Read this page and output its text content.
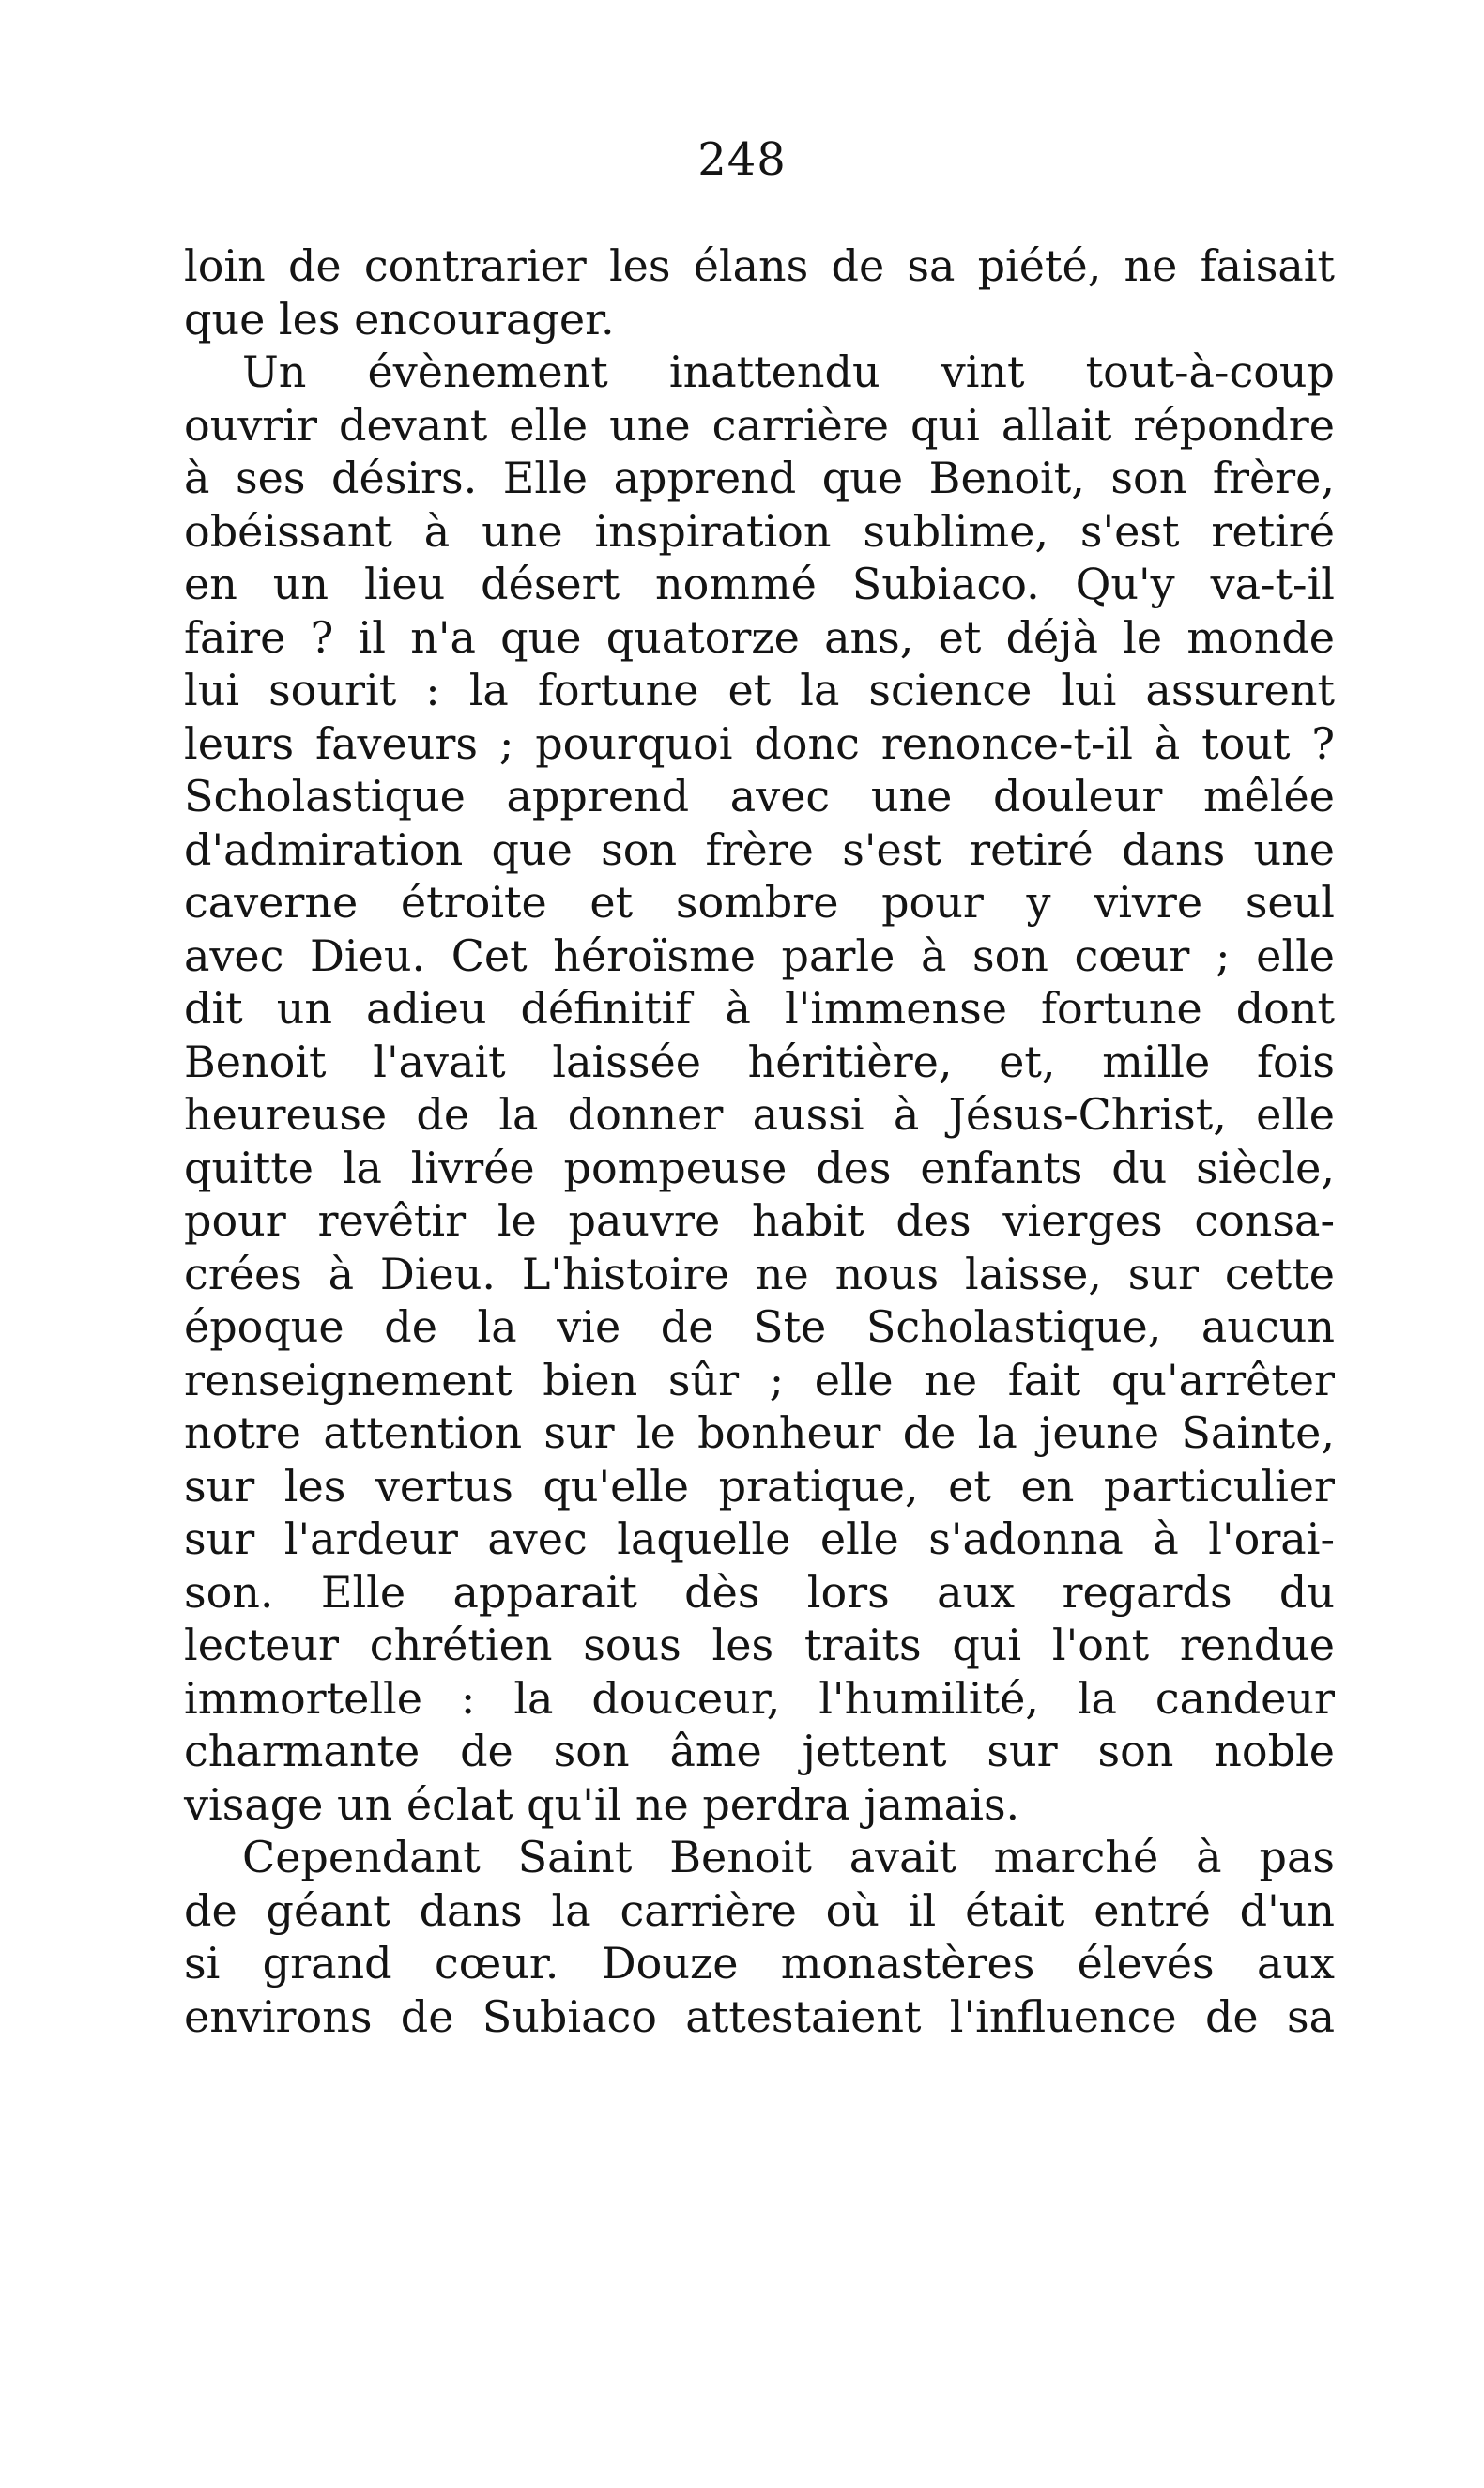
248
loin de contrarier les élans de sa piété, ne faisait
que les encourager.
Un évènement inattendu vint tout-à-coup
ouvrir devant elle une carrière qui allait répondre
à ses désirs. Elle apprend que Benoit, son frère,
obéissant à une inspiration sublime, s'est retiré
en un lieu désert nommé Subiaco. Qu'y va-t-il
faire ? il n'a que quatorze ans, et déjà le monde
lui sourit : la fortune et la science lui assurent
leurs faveurs ; pourquoi donc renonce-t-il à tout ?
Scholastique apprend avec une douleur mêlée
d'admiration que son frère s'est retiré dans une
caverne étroite et sombre pour y vivre seul
avec Dieu. Cet héroïsme parle à son cœur ; elle
dit un adieu définitif à l'immense fortune dont
Benoit l'avait laissée héritière, et, mille fois
heureuse de la donner aussi à Jésus-Christ, elle
quitte la livrée pompeuse des enfants du siècle,
pour revêtir le pauvre habit des vierges consa-
crées à Dieu. L'histoire ne nous laisse, sur cette
époque de la vie de Ste Scholastique, aucun
renseignement bien sûr ; elle ne fait qu'arrêter
notre attention sur le bonheur de la jeune Sainte,
sur les vertus qu'elle pratique, et en particulier
sur l'ardeur avec laquelle elle s'adonna à l'orai-
son. Elle apparait dès lors aux regards du
lecteur chrétien sous les traits qui l'ont rendue
immortelle : la douceur, l'humilité, la candeur
charmante de son âme jettent sur son noble
visage un éclat qu'il ne perdra jamais.
Cependant Saint Benoit avait marché à pas
de géant dans la carrière où il était entré d'un
si grand cœur. Douze monastères élevés aux
environs de Subiaco attestaient l'influence de sa
